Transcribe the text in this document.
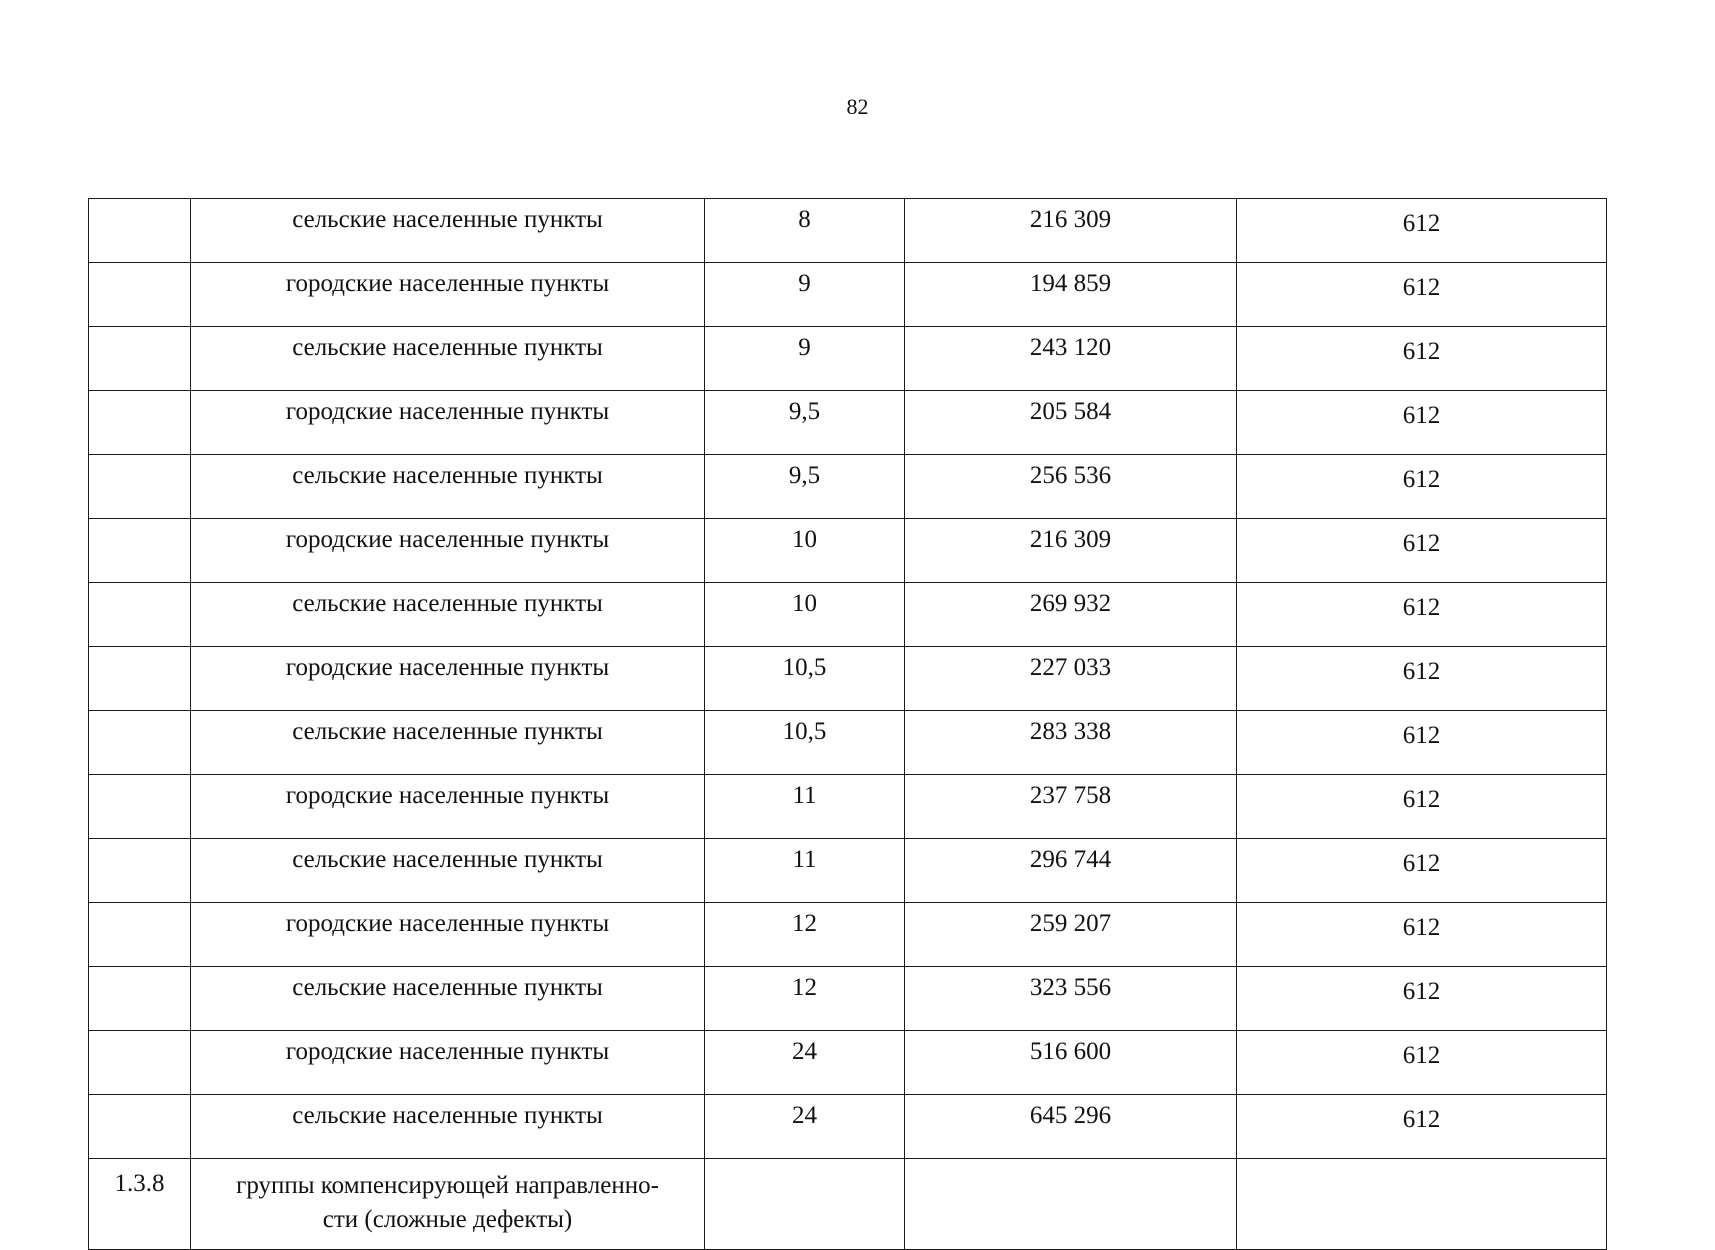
82
	сельские населенные пункты	8	216 309	612
	городские населенные пункты	9	194 859	612
	сельские населенные пункты	9	243 120	612
	городские населенные пункты	9,5	205 584	612
	сельские населенные пункты	9,5	256 536	612
	городские населенные пункты	10	216 309	612
	сельские населенные пункты	10	269 932	612
	городские населенные пункты	10,5	227 033	612
	сельские населенные пункты	10,5	283 338	612
	городские населенные пункты	11	237 758	612
	сельские населенные пункты	11	296 744	612
	городские населенные пункты	12	259 207	612
	сельские населенные пункты	12	323 556	612
	городские населенные пункты	24	516 600	612
	сельские населенные пункты	24	645 296	612
1.3.8	группы компенсирующей направленно-
сти (сложные дефекты)			
